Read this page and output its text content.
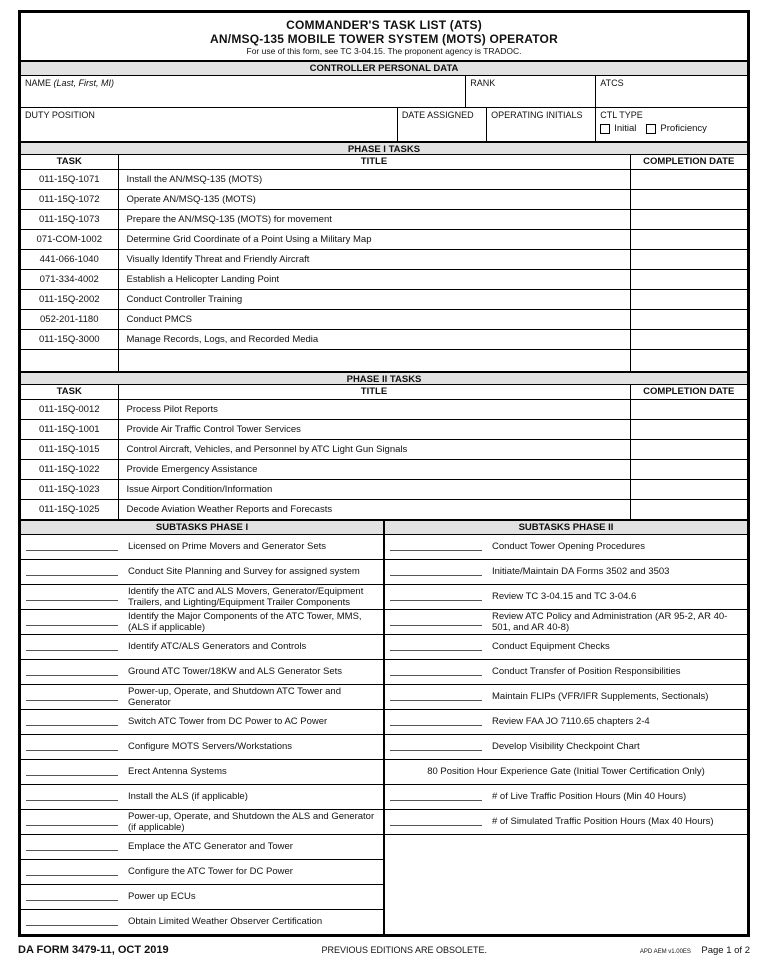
COMMANDER'S TASK LIST (ATS)
AN/MSQ-135 MOBILE TOWER SYSTEM (MOTS) OPERATOR
For use of this form, see TC 3-04.15. The proponent agency is TRADOC.
CONTROLLER PERSONAL DATA
NAME (Last, First, MI)	RANK	ATCS
DUTY POSITION	DATE ASSIGNED	OPERATING INITIALS	CTL TYPE
Initial	Proficiency
PHASE I TASKS
TASK	TITLE	COMPLETION DATE
011-15Q-1071	Install the AN/MSQ-135 (MOTS)	
011-15Q-1072	Operate AN/MSQ-135 (MOTS)	
011-15Q-1073	Prepare the AN/MSQ-135 (MOTS) for movement	
071-COM-1002	Determine Grid Coordinate of a Point Using a Military Map	
441-066-1040	Visually Identify Threat and Friendly Aircraft	
071-334-4002	Establish a Helicopter Landing Point	
011-15Q-2002	Conduct Controller Training	
052-201-1180	Conduct PMCS	
011-15Q-3000	Manage Records, Logs, and Recorded Media	

PHASE II TASKS
TASK	TITLE	COMPLETION DATE
011-15Q-0012	Process Pilot Reports	
011-15Q-1001	Provide Air Traffic Control Tower Services	
011-15Q-1015	Control Aircraft, Vehicles, and Personnel by ATC Light Gun Signals	
011-15Q-1022	Provide Emergency Assistance	
011-15Q-1023	Issue Airport Condition/Information	
011-15Q-1025	Decode Aviation Weather Reports and Forecasts	
SUBTASKS PHASE I	SUBTASKS PHASE II

Licensed on Prime Movers and Generator Sets	Conduct Tower Opening Procedures

Conduct Site Planning and Survey for assigned system	Initiate/Maintain DA Forms 3502 and 3503

Identify the ATC and ALS Movers, Generator/Equipment Trailers, and Lighting/Equipment Trailer Components	Review TC 3-04.15 and TC 3-04.6

Identify the Major Components of the ATC Tower, MMS, (ALS if applicable)	Review ATC Policy and Administration (AR 95-2, AR 40-501, and AR 40-8)

Identify ATC/ALS Generators and Controls	Conduct Equipment Checks

Ground ATC Tower/18KW and ALS Generator Sets	Conduct Transfer of Position Responsibilities

Power-up, Operate, and Shutdown ATC Tower and Generator	Maintain FLIPs (VFR/IFR Supplements, Sectionals)

Switch ATC Tower from DC Power to AC Power	Review FAA JO 7110.65 chapters 2-4

Configure MOTS Servers/Workstations	Develop Visibility Checkpoint Chart

Erect Antenna Systems	80 Position Hour Experience Gate (Initial Tower Certification Only)

Install the ALS (if applicable)	# of Live Traffic Position Hours (Min 40 Hours)

Power-up, Operate, and Shutdown the ALS and Generator (if applicable)	# of Simulated Traffic Position Hours (Max 40 Hours)

Emplace the ATC Generator and Tower	

Configure the ATC Tower for DC Power	

Power up ECUs	

Obtain Limited Weather Observer Certification	
DA FORM 3479-11, OCT 2019	PREVIOUS EDITIONS ARE OBSOLETE.	APD AEM v1.00ES Page 1 of 2
